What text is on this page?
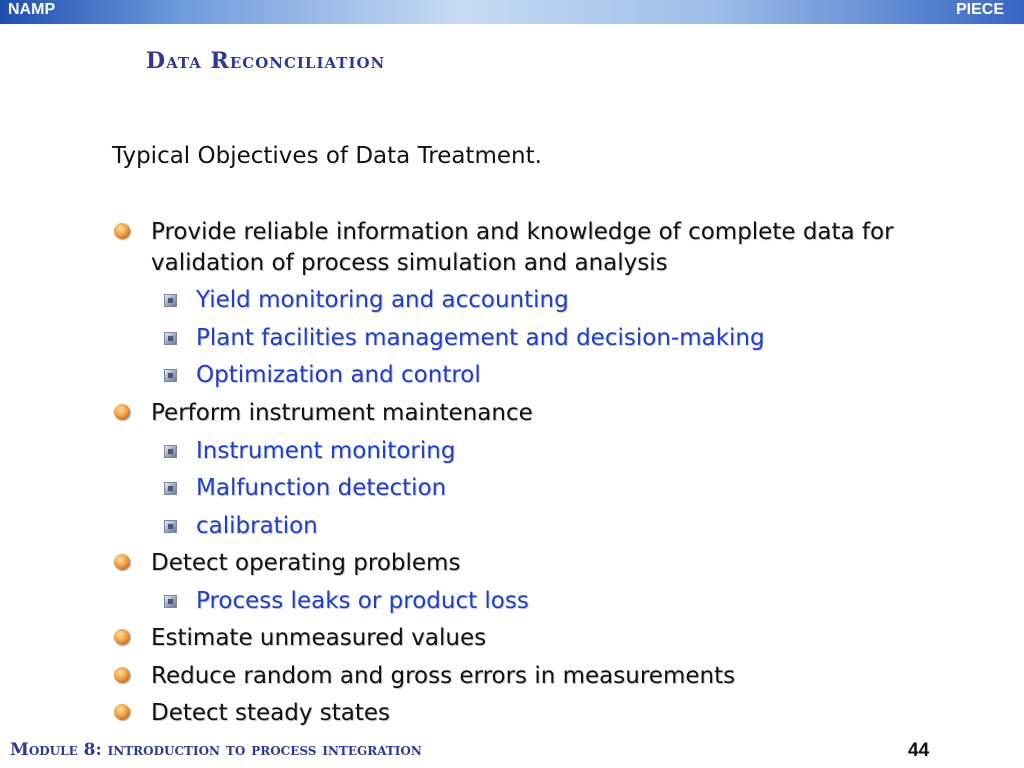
NAMP	PIECE
Data Reconciliation
Typical Objectives of Data Treatment.
Provide reliable information and knowledge of complete data for
validation of process simulation and analysis
Yield monitoring and accounting
Plant facilities management and decision-making
Optimization and control
Perform instrument maintenance
Instrument monitoring
Malfunction detection
calibration
Detect operating problems
Process leaks or product loss
Estimate unmeasured values
Reduce random and gross errors in measurements
Detect steady states
Module 8: introduction to process integration	44
